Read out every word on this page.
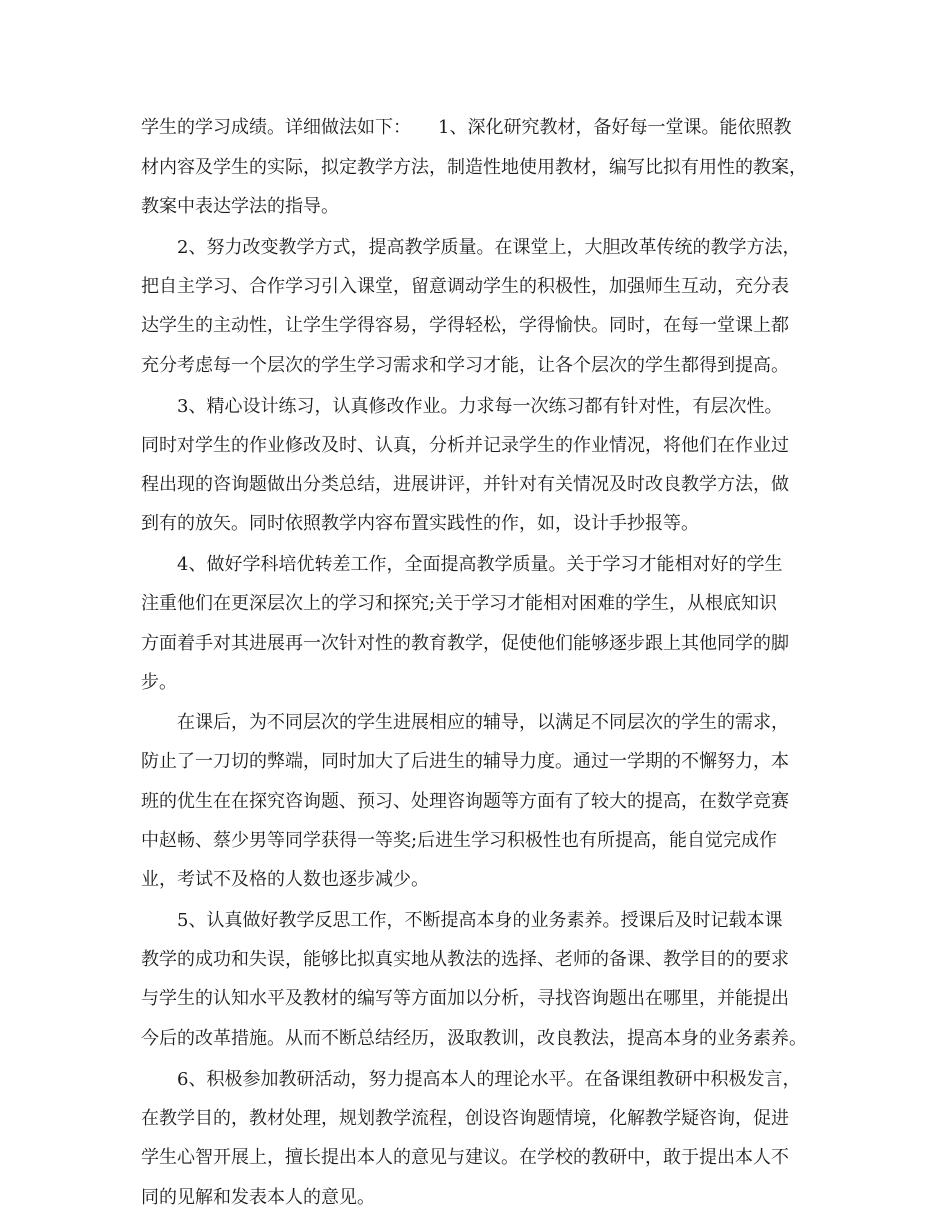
学生的学习成绩。详细做法如下：　　1、深化研究教材，备好每一堂课。能依照教
材内容及学生的实际，拟定教学方法，制造性地使用教材，编写比拟有用性的教案，
教案中表达学法的指导。
　　2、努力改变教学方式，提高教学质量。在课堂上，大胆改革传统的教学方法，
把自主学习、合作学习引入课堂，留意调动学生的积极性，加强师生互动，充分表
达学生的主动性，让学生学得容易，学得轻松，学得愉快。同时，在每一堂课上都
充分考虑每一个层次的学生学习需求和学习才能，让各个层次的学生都得到提高。
　　3、精心设计练习，认真修改作业。力求每一次练习都有针对性，有层次性。
同时对学生的作业修改及时、认真，分析并记录学生的作业情况，将他们在作业过
程出现的咨询题做出分类总结，进展讲评，并针对有关情况及时改良教学方法，做
到有的放矢。同时依照教学内容布置实践性的作，如，设计手抄报等。
　　4、做好学科培优转差工作，全面提高教学质量。关于学习才能相对好的学生
注重他们在更深层次上的学习和探究;关于学习才能相对困难的学生，从根底知识
方面着手对其进展再一次针对性的教育教学，促使他们能够逐步跟上其他同学的脚
步。
　　在课后，为不同层次的学生进展相应的辅导，以满足不同层次的学生的需求，
防止了一刀切的弊端，同时加大了后进生的辅导力度。通过一学期的不懈努力，本
班的优生在在探究咨询题、预习、处理咨询题等方面有了较大的提高，在数学竞赛
中赵畅、蔡少男等同学获得一等奖;后进生学习积极性也有所提高，能自觉完成作
业，考试不及格的人数也逐步减少。
　　5、认真做好教学反思工作，不断提高本身的业务素养。授课后及时记载本课
教学的成功和失误，能够比拟真实地从教法的选择、老师的备课、教学目的的要求
与学生的认知水平及教材的编写等方面加以分析，寻找咨询题出在哪里，并能提出
今后的改革措施。从而不断总结经历，汲取教训，改良教法，提高本身的业务素养。
　　6、积极参加教研活动，努力提高本人的理论水平。在备课组教研中积极发言，
在教学目的，教材处理，规划教学流程，创设咨询题情境，化解教学疑咨询，促进
学生心智开展上，擅长提出本人的意见与建议。在学校的教研中，敢于提出本人不
同的见解和发表本人的意见。
